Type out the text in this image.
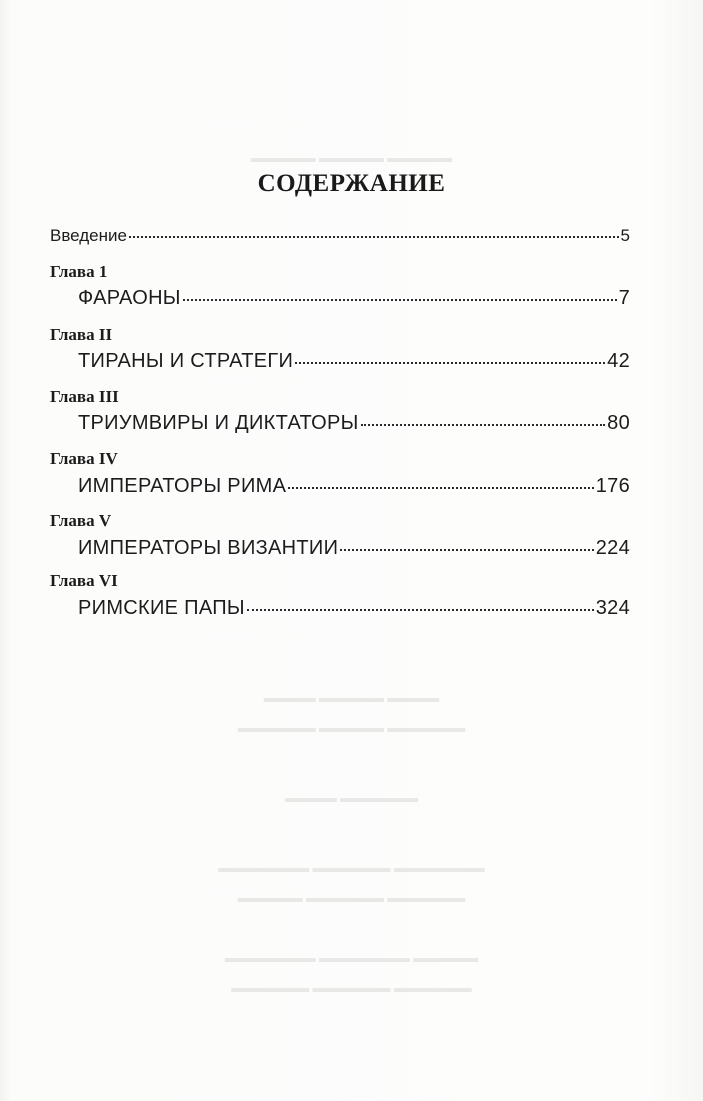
▬▬▬▬▬ ▬▬▬▬▬ ▬▬▬▬▬
▬▬▬▬ ▬▬▬▬▬ ▬▬▬▬
▬▬▬▬▬▬ ▬▬▬▬▬ ▬▬▬▬▬▬
▬▬▬▬ ▬▬▬▬▬▬
▬▬▬▬▬▬▬ ▬▬▬▬▬▬ ▬▬▬▬▬▬▬
▬▬▬▬▬ ▬▬▬▬▬▬ ▬▬▬▬▬▬
▬▬▬▬▬▬▬ ▬▬▬▬▬▬▬ ▬▬▬▬▬
▬▬▬▬▬▬ ▬▬▬▬▬▬ ▬▬▬▬▬▬
СОДЕРЖАНИЕ
Введение	5
Глава 1
ФАРАОНЫ	7
Глава II
ТИРАНЫ И СТРАТЕГИ	42
Глава III
ТРИУМВИРЫ И ДИКТАТОРЫ	80
Глава IV
ИМПЕРАТОРЫ РИМА	176
Глава V
ИМПЕРАТОРЫ ВИЗАНТИИ	224
Глава VI
РИМСКИЕ ПАПЫ	324
